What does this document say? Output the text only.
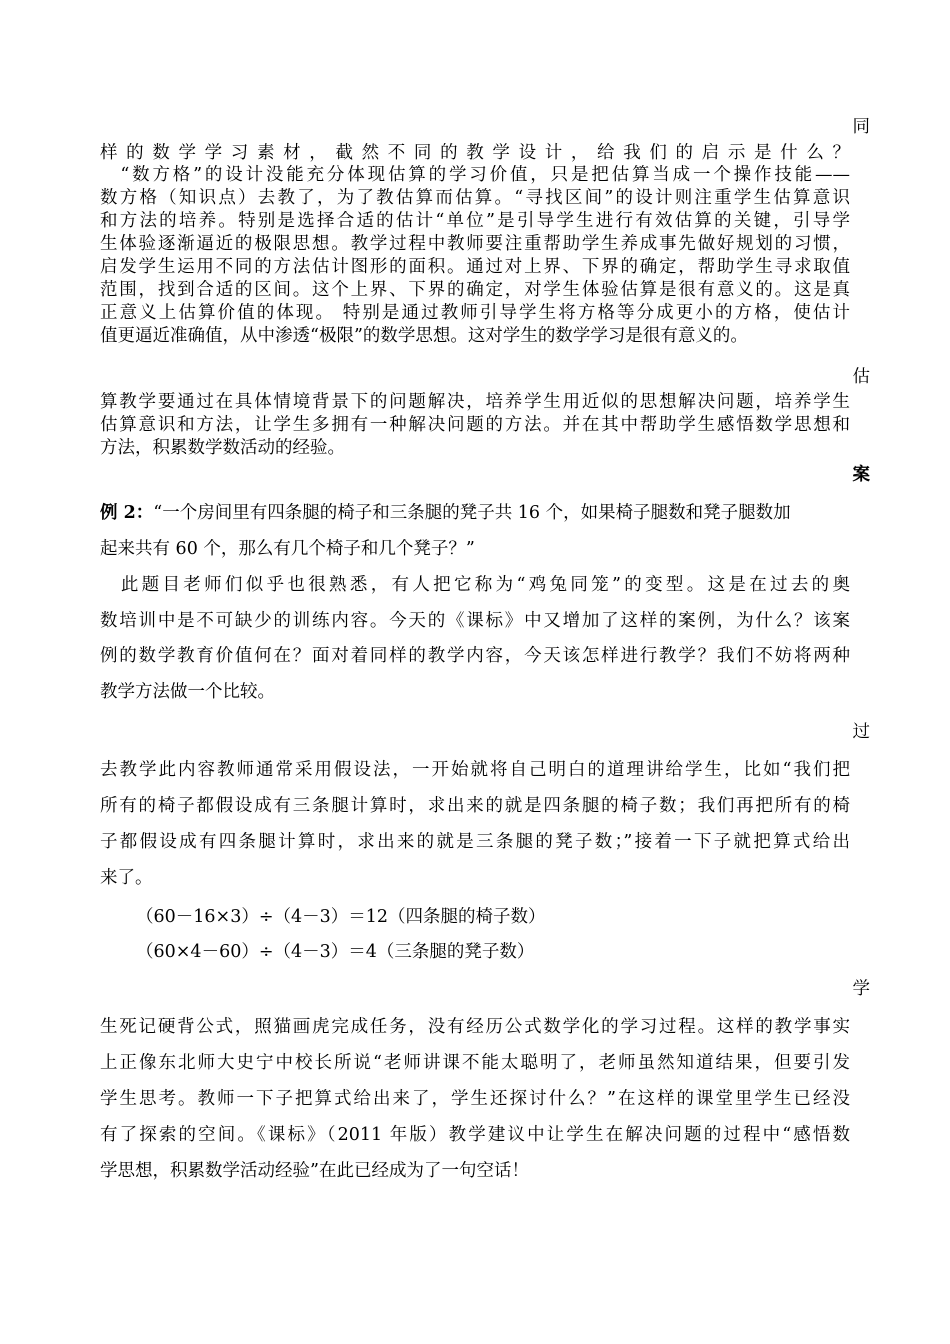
同
样的数学学习素材，截然不同的教学设计，给我们的启示是什么？
　“数方格”的设计没能充分体现估算的学习价值，只是把估算当成一个操作技能——
数方格（知识点）去教了，为了教估算而估算。“寻找区间”的设计则注重学生估算意识
和方法的培养。特别是选择合适的估计“单位”是引导学生进行有效估算的关键，引导学
生体验逐渐逼近的极限思想。教学过程中教师要注重帮助学生养成事先做好规划的习惯，
启发学生运用不同的方法估计图形的面积。通过对上界、下界的确定，帮助学生寻求取值
范围，找到合适的区间。这个上界、下界的确定，对学生体验估算是很有意义的。这是真
正意义上估算价值的体现。 特别是通过教师引导学生将方格等分成更小的方格，使估计
值更逼近准确值，从中渗透“极限”的数学思想。这对学生的数学学习是很有意义的。
估
算教学要通过在具体情境背景下的问题解决，培养学生用近似的思想解决问题，培养学生
估算意识和方法，让学生多拥有一种解决问题的方法。并在其中帮助学生感悟数学思想和
方法，积累数学数活动的经验。
案
例 2：“一个房间里有四条腿的椅子和三条腿的凳子共 16 个，如果椅子腿数和凳子腿数加
起来共有 60 个，那么有几个椅子和几个凳子？”
　此题目老师们似乎也很熟悉，有人把它称为“鸡兔同笼”的变型。这是在过去的奥
数培训中是不可缺少的训练内容。今天的《课标》中又增加了这样的案例，为什么？该案
例的数学教育价值何在？面对着同样的教学内容，今天该怎样进行教学？我们不妨将两种
教学方法做一个比较。
过
去教学此内容教师通常采用假设法，一开始就将自己明白的道理讲给学生，比如“我们把
所有的椅子都假设成有三条腿计算时，求出来的就是四条腿的椅子数；我们再把所有的椅
子都假设成有四条腿计算时，求出来的就是三条腿的凳子数；”接着一下子就把算式给出
来了。
（60－16×3）÷（4－3）＝12（四条腿的椅子数）
（60×4－60）÷（4－3）＝4（三条腿的凳子数）
学
生死记硬背公式，照猫画虎完成任务，没有经历公式数学化的学习过程。这样的教学事实
上正像东北师大史宁中校长所说“老师讲课不能太聪明了，老师虽然知道结果，但要引发
学生思考。教师一下子把算式给出来了，学生还探讨什么？”在这样的课堂里学生已经没
有了探索的空间。《课标》（2011 年版）教学建议中让学生在解决问题的过程中“感悟数
学思想，积累数学活动经验”在此已经成为了一句空话！
